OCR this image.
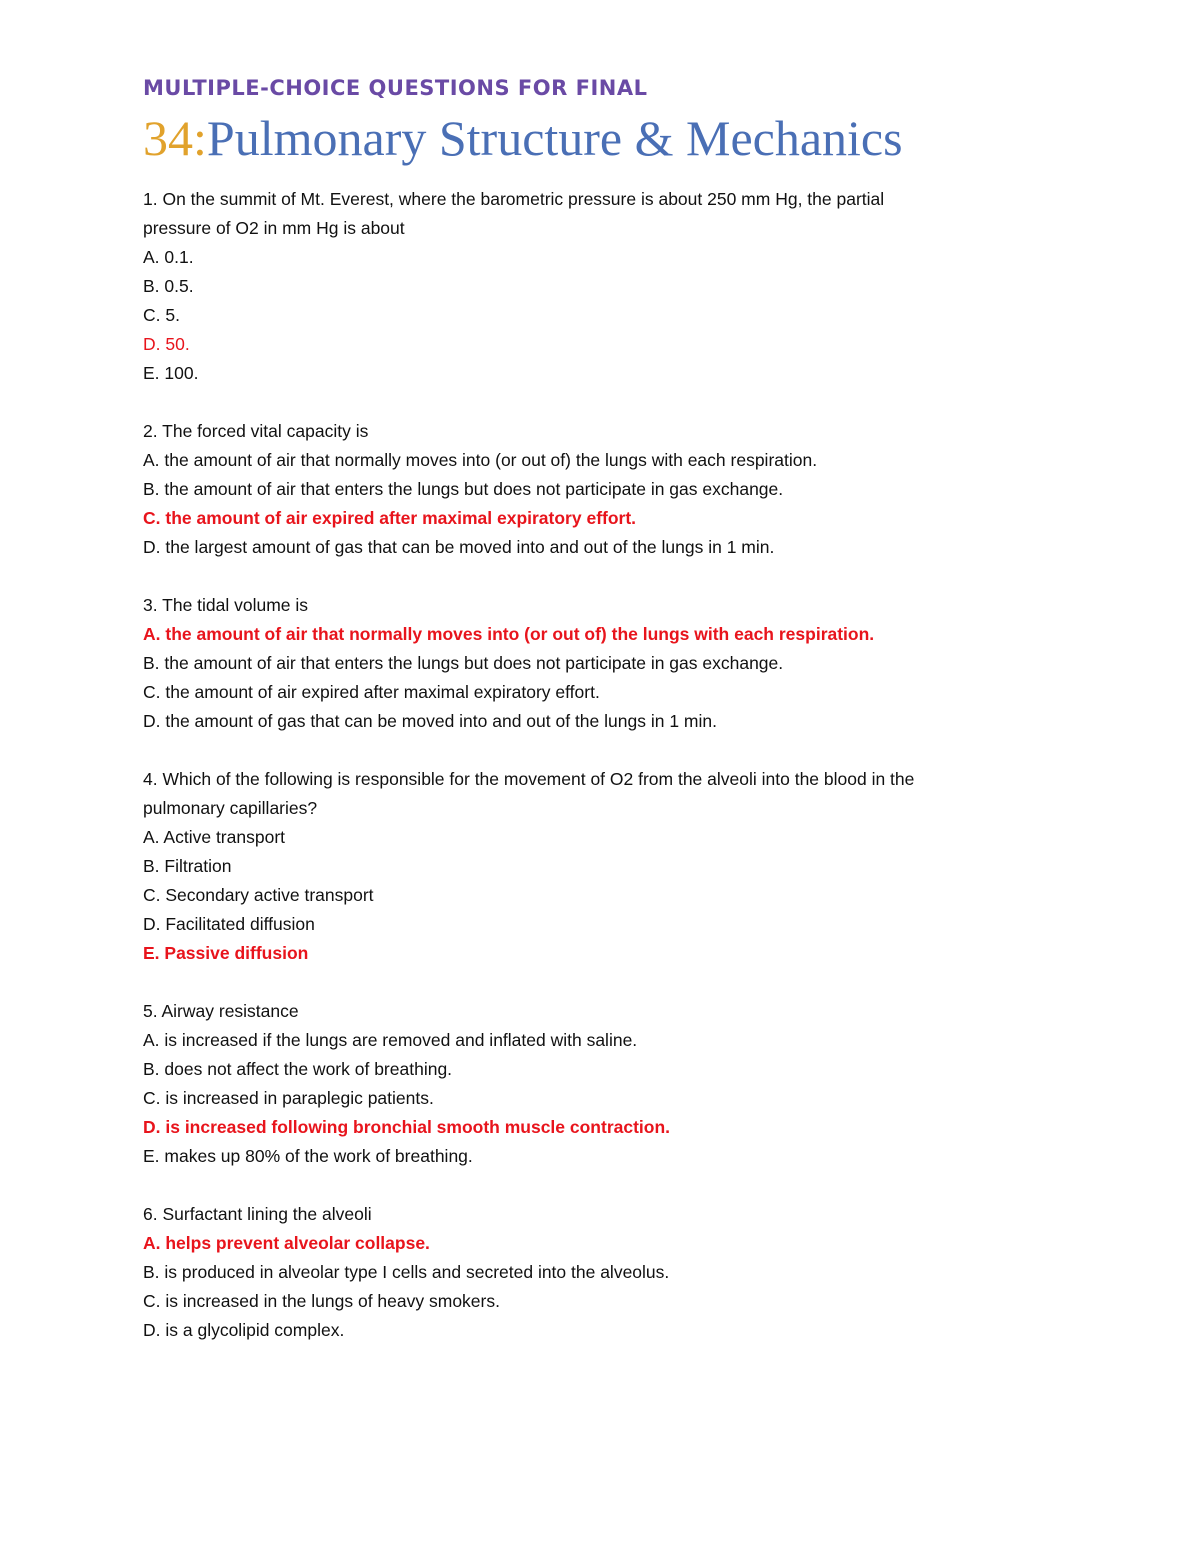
MULTIPLE-CHOICE QUESTIONS FOR FINAL
34:Pulmonary Structure & Mechanics
1. On the summit of Mt. Everest, where the barometric pressure is about 250 mm Hg, the partial
pressure of O2 in mm Hg is about
A. 0.1.
B. 0.5.
C. 5.
D. 50.
E. 100.
2. The forced vital capacity is
A. the amount of air that normally moves into (or out of) the lungs with each respiration.
B. the amount of air that enters the lungs but does not participate in gas exchange.
C. the amount of air expired after maximal expiratory effort.
D. the largest amount of gas that can be moved into and out of the lungs in 1 min.
3. The tidal volume is
A. the amount of air that normally moves into (or out of) the lungs with each respiration.
B. the amount of air that enters the lungs but does not participate in gas exchange.
C. the amount of air expired after maximal expiratory effort.
D. the amount of gas that can be moved into and out of the lungs in 1 min.
4. Which of the following is responsible for the movement of O2 from the alveoli into the blood in the
pulmonary capillaries?
A. Active transport
B. Filtration
C. Secondary active transport
D. Facilitated diffusion
E. Passive diffusion
5. Airway resistance
A. is increased if the lungs are removed and inflated with saline.
B. does not affect the work of breathing.
C. is increased in paraplegic patients.
D. is increased following bronchial smooth muscle contraction.
E. makes up 80% of the work of breathing.
6. Surfactant lining the alveoli
A. helps prevent alveolar collapse.
B. is produced in alveolar type I cells and secreted into the alveolus.
C. is increased in the lungs of heavy smokers.
D. is a glycolipid complex.
